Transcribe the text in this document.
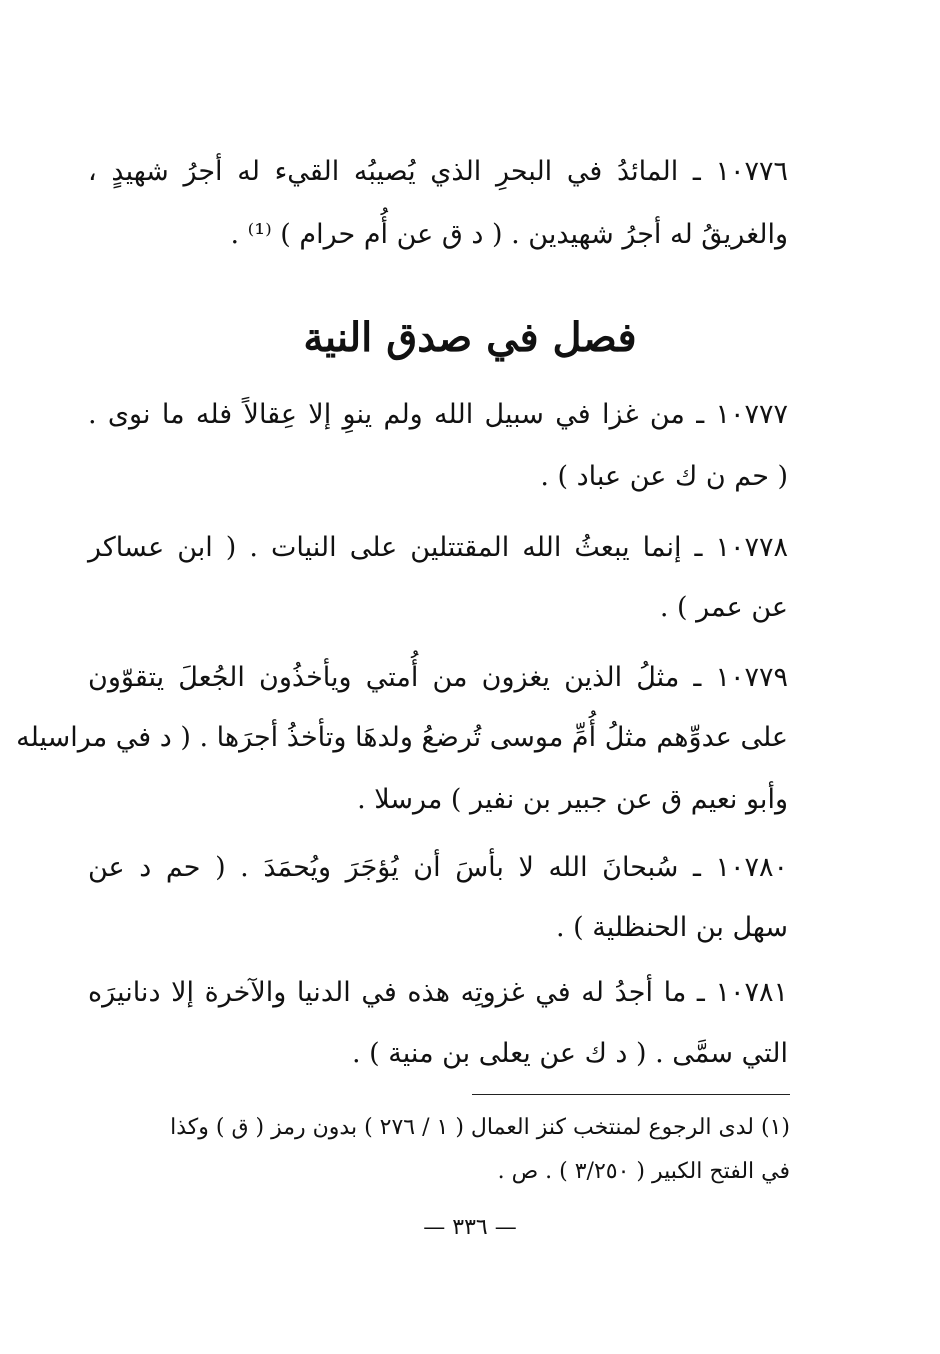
١٠٧٧٦ ـ المائدُ في البحرِ الذي يُصيبُه القيء له أجرُ شهيدٍ ،
والغريقُ له أجرُ شهيدين . ( د ق عن أُم حرام ) ⁽¹⁾ .
فصل في صدق النية
١٠٧٧٧ ـ من غزا في سبيل الله ولم ينوِ إلا عِقالاً فله ما نوى .
( حم ن ك عن عباد ) .
١٠٧٧٨ ـ إنما يبعثُ الله المقتتلين على النيات . ( ابن عساكر
عن عمر ) .
١٠٧٧٩ ـ مثلُ الذين يغزون من أُمتي ويأخذُون الجُعلَ يتقوّون
على عدوِّهم مثلُ أُمِّ موسى تُرضعُ ولدهَا وتأخذُ أجرَها . ( د في مراسيله
وأبو نعيم ق عن جبير بن نفير ) مرسلا .
١٠٧٨٠ ـ سُبحانَ الله لا بأسَ أن يُؤجَرَ ويُحمَدَ . ( حم د عن
سهل بن الحنظلية ) .
١٠٧٨١ ـ ما أجدُ له في غزوتِه هذه في الدنيا والآخرة إلا دنانيرَه
التي سمَّى . ( د ك عن يعلى بن منية ) .
(١) لدى الرجوع لمنتخب كنز العمال ( ١ / ٢٧٦ ) بدون رمز ( ق ) وكذا
في الفتح الكبير ( ٣/٢٥٠ ) . ص .
— ٣٣٦ —
